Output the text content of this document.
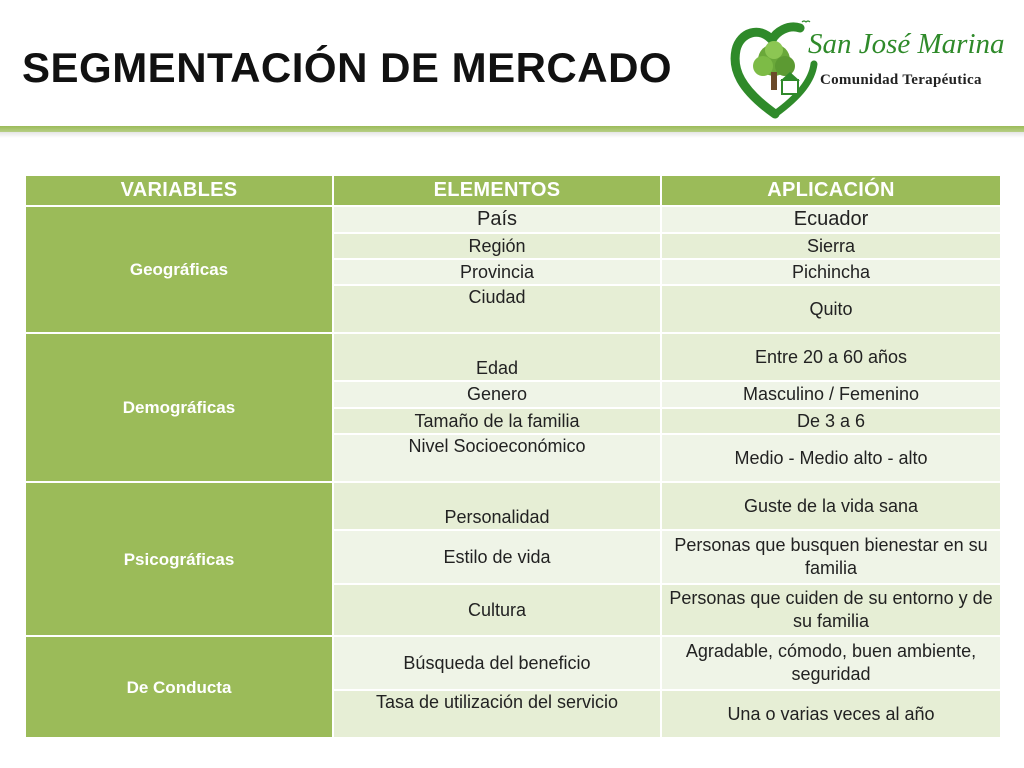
SEGMENTACIÓN DE MERCADO	San José Marina
Comunidad Terapéutica
VARIABLES	ELEMENTOS	APLICACIÓN
Geográficas	País	Ecuador
	Región	Sierra
	Provincia	Pichincha
	Ciudad	Quito
Demográficas	Edad	Entre 20 a 60 años
	Genero	Masculino / Femenino
	Tamaño de la familia	De 3 a 6
	Nivel Socioeconómico	Medio - Medio alto - alto
Psicográficas	Personalidad	Guste de la vida sana
	Estilo de vida	Personas que busquen bienestar en su familia
	Cultura	Personas que cuiden de su entorno y de su familia
De Conducta	Búsqueda del beneficio	Agradable, cómodo, buen ambiente, seguridad
	Tasa de utilización del servicio	Una o varias veces al año
